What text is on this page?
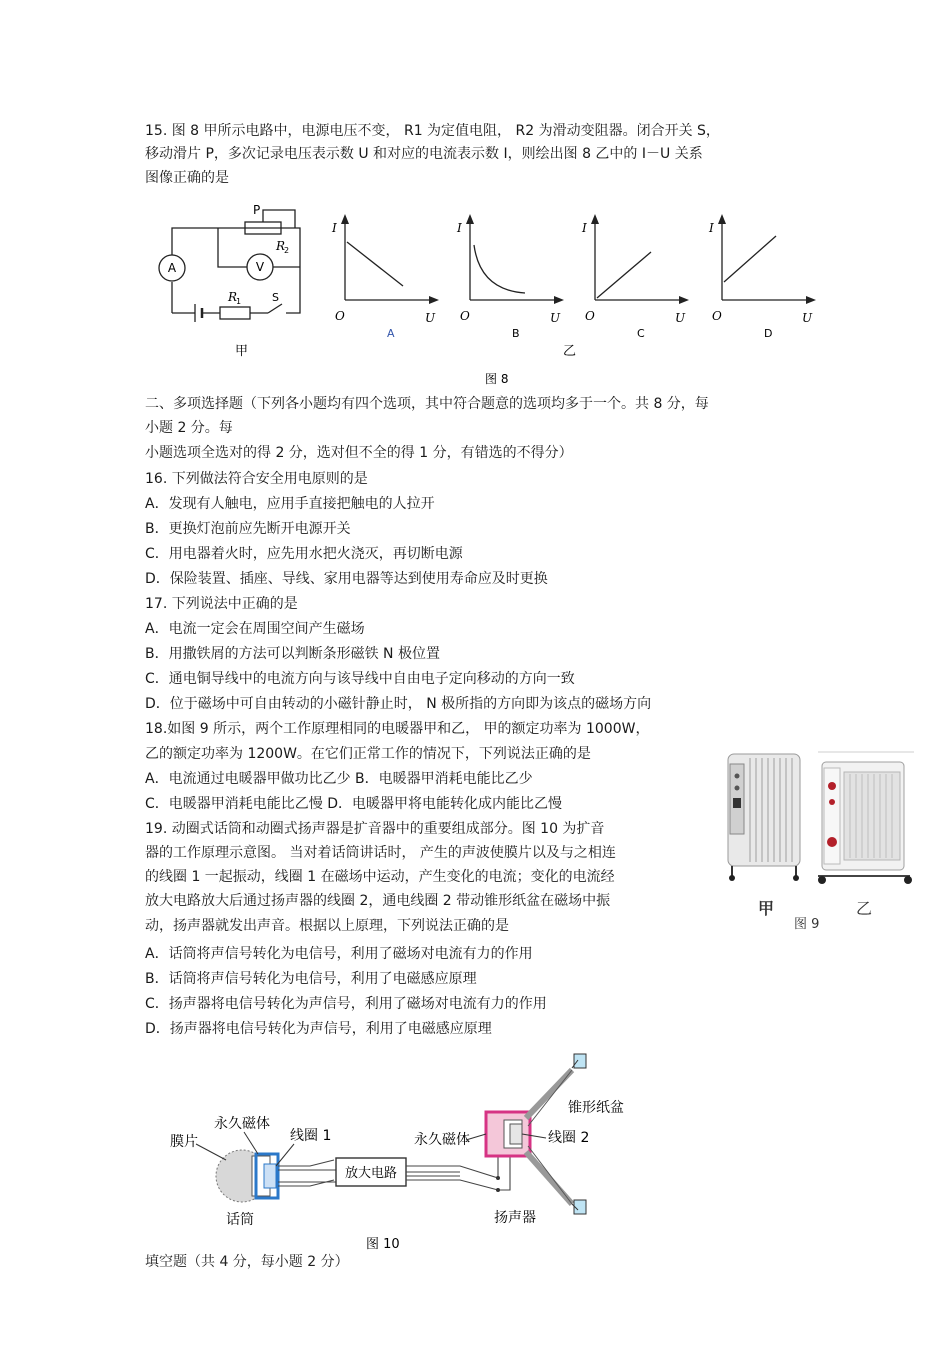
15. 图 8 甲所示电路中，电源电压不变， R1 为定值电阻， R2 为滑动变阻器。闭合开关 S，
移动滑片 P，多次记录电压表示数 U 和对应的电流表示数 I，则绘出图 8 乙中的 I－U 关系
图像正确的是
A	V
P
R
2
R
1	S
甲
I
O	U
A
I
O	U
B
I
O	U
C
I
O	U
D
乙
图 8
二、多项选择题（下列各小题均有四个选项，其中符合题意的选项均多于一个。共 8 分，每
小题 2 分。每
小题选项全选对的得 2 分，选对但不全的得 1 分，有错选的不得分）
16. 下列做法符合安全用电原则的是
A．发现有人触电，应用手直接把触电的人拉开
B．更换灯泡前应先断开电源开关
C．用电器着火时，应先用水把火浇灭，再切断电源
D．保险装置、插座、导线、家用电器等达到使用寿命应及时更换
17. 下列说法中正确的是
A．电流一定会在周围空间产生磁场
B．用撒铁屑的方法可以判断条形磁铁 N 极位置
C．通电铜导线中的电流方向与该导线中自由电子定向移动的方向一致
D．位于磁场中可自由转动的小磁针静止时， N 极所指的方向即为该点的磁场方向
18.如图 9 所示，两个工作原理相同的电暖器甲和乙， 甲的额定功率为 1000W，
乙的额定功率为 1200W。在它们正常工作的情况下，下列说法正确的是
A．电流通过电暖器甲做功比乙少 B．电暖器甲消耗电能比乙少
C．电暖器甲消耗电能比乙慢 D．电暖器甲将电能转化成内能比乙慢
甲	乙
图 9
19. 动圈式话筒和动圈式扬声器是扩音器中的重要组成部分。图 10 为扩音
器的工作原理示意图。 当对着话筒讲话时， 产生的声波使膜片以及与之相连
的线圈 1 一起振动，线圈 1 在磁场中运动，产生变化的电流；变化的电流经
放大电路放大后通过扬声器的线圈 2，通电线圈 2 带动锥形纸盆在磁场中振
动，扬声器就发出声音。根据以上原理，下列说法正确的是
A．话筒将声信号转化为电信号，利用了磁场对电流有力的作用
B．话筒将声信号转化为电信号，利用了电磁感应原理
C．扬声器将电信号转化为声信号，利用了磁场对电流有力的作用
D．扬声器将电信号转化为声信号，利用了电磁感应原理
放大电路
膜片
永久磁体
线圈 1	永久磁体	线圈 2
锥形纸盆
话筒	扬声器
图 10
填空题（共 4 分，每小题 2 分）
